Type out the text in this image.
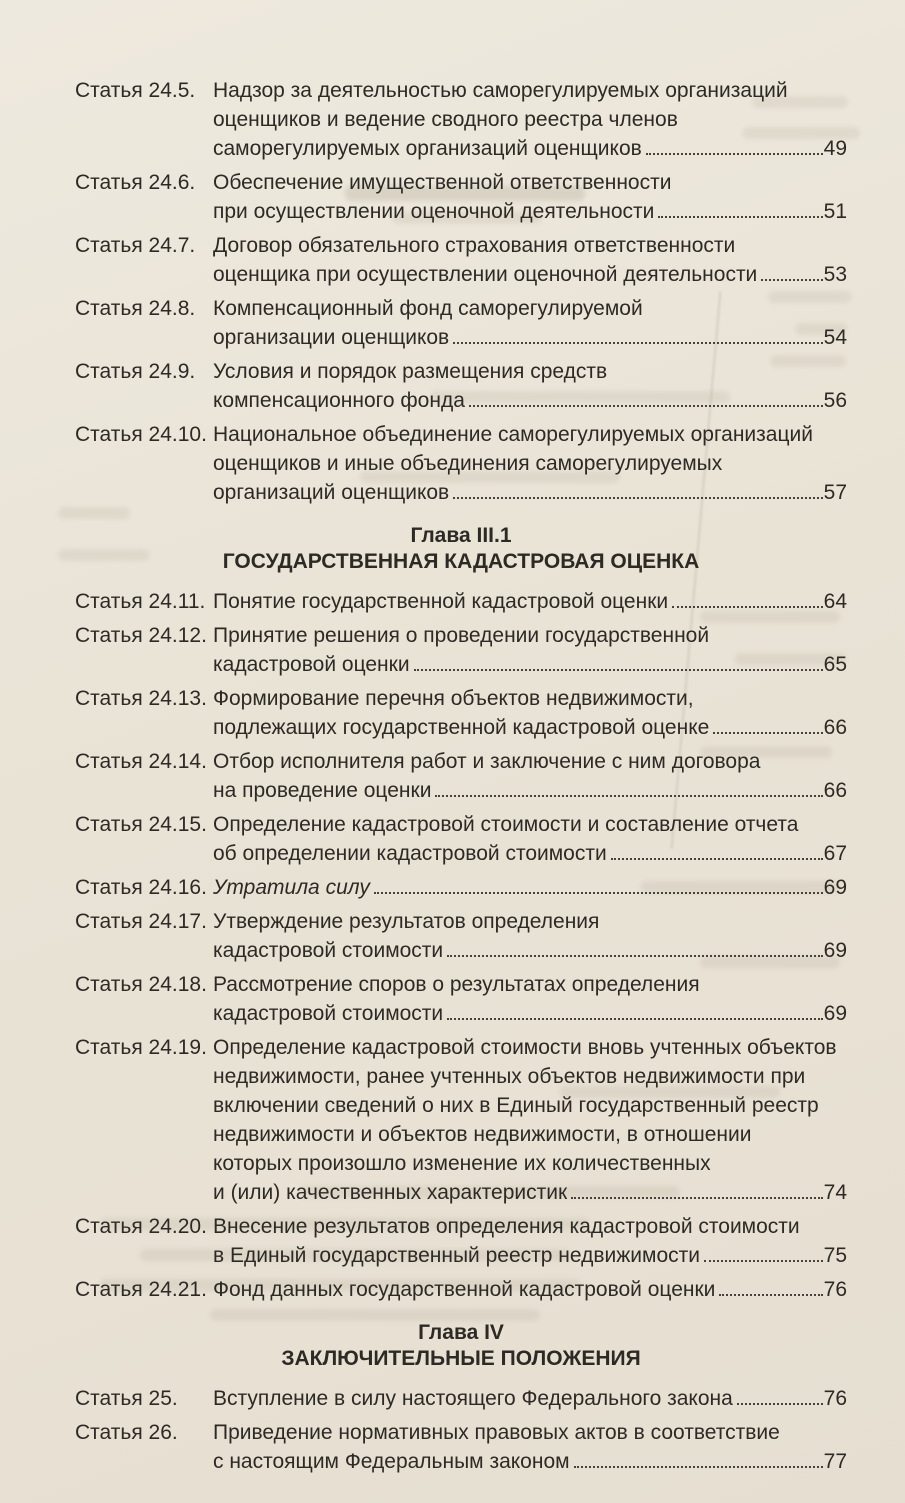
Статья 24.5. Надзор за деятельностью саморегулируемых организаций
оценщиков и ведение сводного реестра членов
саморегулируемых организаций оценщиков	49
Статья 24.6. Обеспечение имущественной ответственности
при осуществлении оценочной деятельности	51
Статья 24.7. Договор обязательного страхования ответственности
оценщика при осуществлении оценочной деятельности	53
Статья 24.8. Компенсационный фонд саморегулируемой
организации оценщиков	54
Статья 24.9. Условия и порядок размещения средств
компенсационного фонда	56
Статья 24.10. Национальное объединение саморегулируемых организаций
оценщиков и иные объединения саморегулируемых
организаций оценщиков	57
Глава III.1
ГОСУДАРСТВЕННАЯ КАДАСТРОВАЯ ОЦЕНКА
Статья 24.11. Понятие государственной кадастровой оценки	64
Статья 24.12. Принятие решения о проведении государственной
кадастровой оценки	65
Статья 24.13. Формирование перечня объектов недвижимости,
подлежащих государственной кадастровой оценке	66
Статья 24.14. Отбор исполнителя работ и заключение с ним договора
на проведение оценки	66
Статья 24.15. Определение кадастровой стоимости и составление отчета
об определении кадастровой стоимости	67
Статья 24.16. Утратила силу	69
Статья 24.17. Утверждение результатов определения
кадастровой стоимости	69
Статья 24.18. Рассмотрение споров о результатах определения
кадастровой стоимости	69
Статья 24.19. Определение кадастровой стоимости вновь учтенных объектов
недвижимости, ранее учтенных объектов недвижимости при
включении сведений о них в Единый государственный реестр
недвижимости и объектов недвижимости, в отношении
которых произошло изменение их количественных
и (или) качественных характеристик	74
Статья 24.20. Внесение результатов определения кадастровой стоимости
в Единый государственный реестр недвижимости	75
Статья 24.21. Фонд данных государственной кадастровой оценки	76
Глава IV
ЗАКЛЮЧИТЕЛЬНЫЕ ПОЛОЖЕНИЯ
Статья 25.	Вступление в силу настоящего Федерального закона	76
Статья 26.	Приведение нормативных правовых актов в соответствие
с настоящим Федеральным законом	77
